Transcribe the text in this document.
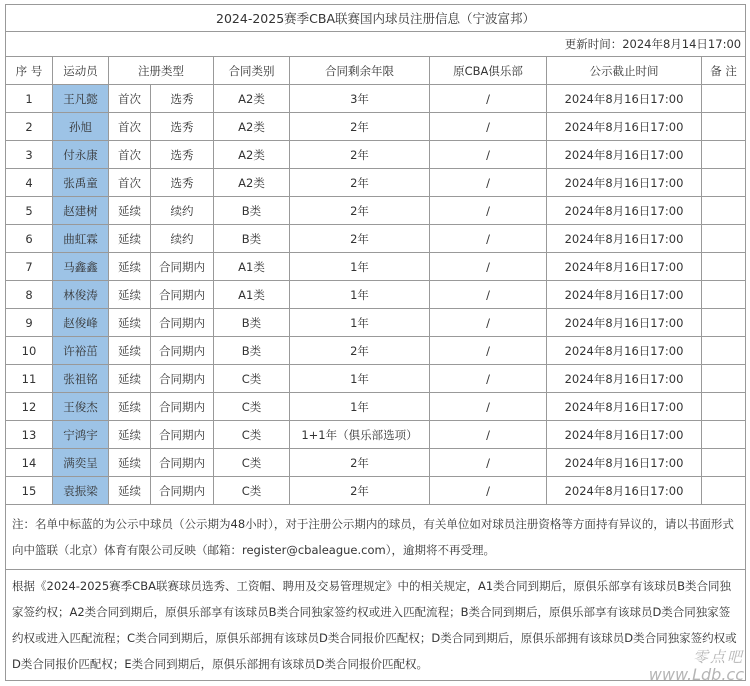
2024-2025赛季CBA联赛国内球员注册信息（宁波富邦）								
更新时间：2024年8月14日17:00								
序 号	运动员	注册类型		合同类别	合同剩余年限	原CBA俱乐部	公示截止时间	备 注
1	王凡懿	首次	选秀	A2类	3年	/	2024年8月16日17:00	
2	孙旭	首次	选秀	A2类	2年	/	2024年8月16日17:00	
3	付永康	首次	选秀	A2类	2年	/	2024年8月16日17:00	
4	张禹童	首次	选秀	A2类	2年	/	2024年8月16日17:00	
5	赵建树	延续	续约	B类	2年	/	2024年8月16日17:00	
6	曲虹霖	延续	续约	B类	2年	/	2024年8月16日17:00	
7	马鑫鑫	延续	合同期内	A1类	1年	/	2024年8月16日17:00	
8	林俊涛	延续	合同期内	A1类	1年	/	2024年8月16日17:00	
9	赵俊峰	延续	合同期内	B类	1年	/	2024年8月16日17:00	
10	许裕茁	延续	合同期内	B类	2年	/	2024年8月16日17:00	
11	张祖铭	延续	合同期内	C类	1年	/	2024年8月16日17:00	
12	王俊杰	延续	合同期内	C类	1年	/	2024年8月16日17:00	
13	宁鸿宇	延续	合同期内	C类	1+1年（俱乐部选项）	/	2024年8月16日17:00	
14	满奕呈	延续	合同期内	C类	2年	/	2024年8月16日17:00	
15	袁振梁	延续	合同期内	C类	2年	/	2024年8月16日17:00	
注：名单中标蓝的为公示中球员（公示期为48小时），对于注册公示期内的球员，有关单位如对球员注册资格等方面持有异议的，请以书面形式向中篮联（北京）体育有限公司反映（邮箱：register@cbaleague.com），逾期将不再受理。								
根据《2024-2025赛季CBA联赛球员选秀、工资帽、聘用及交易管理规定》中的相关规定，A1类合同到期后，原俱乐部享有该球员B类合同独家签约权；A2类合同到期后，原俱乐部享有该球员B类合同独家签约权或进入匹配流程；B类合同到期后，原俱乐部享有该球员D类合同独家签约权或进入匹配流程；C类合同到期后，原俱乐部拥有该球员D类合同报价匹配权；D类合同到期后，原俱乐部拥有该球员D类合同独家签约权或D类合同报价匹配权；E类合同到期后，原俱乐部拥有该球员D类合同报价匹配权。									零点吧
www.Ldb.cc
